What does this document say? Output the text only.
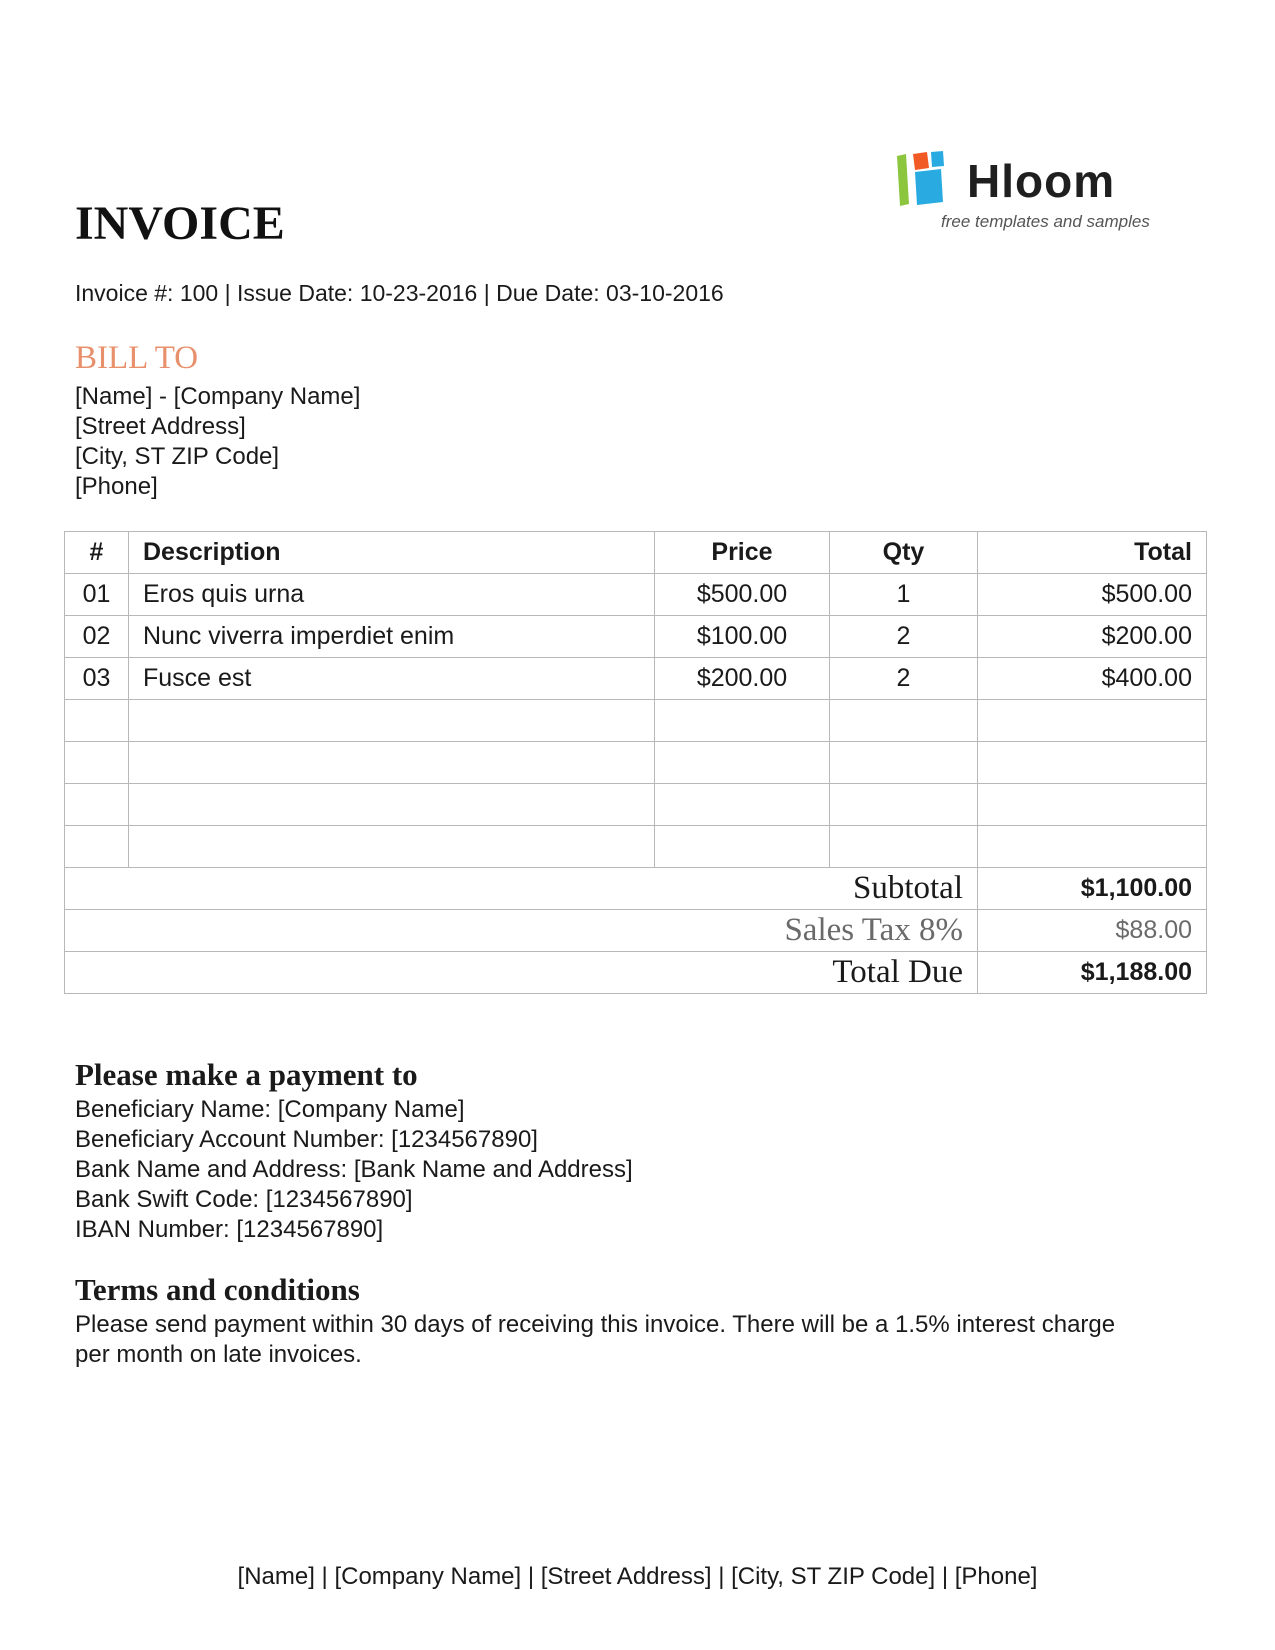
Hloom
free templates and samples
INVOICE
Invoice #: 100 | Issue Date: 10-23-2016 | Due Date: 03-10-2016
BILL TO
[Name] - [Company Name]
[Street Address]
[City, ST ZIP Code]
[Phone]
#	Description	Price	Qty	Total
01	Eros quis urna	$500.00	1	$500.00
02	Nunc viverra imperdiet enim	$100.00	2	$200.00
03	Fusce est	$200.00	2	$400.00

Subtotal				$1,100.00
Sales Tax 8%				$88.00
Total Due				$1,188.00
Please make a payment to
Beneficiary Name: [Company Name]
Beneficiary Account Number: [1234567890]
Bank Name and Address: [Bank Name and Address]
Bank Swift Code: [1234567890]
IBAN Number: [1234567890]
Terms and conditions
Please send payment within 30 days of receiving this invoice. There will be a 1.5% interest charge per month on late invoices.
[Name] | [Company Name] | [Street Address] | [City, ST ZIP Code] | [Phone]
